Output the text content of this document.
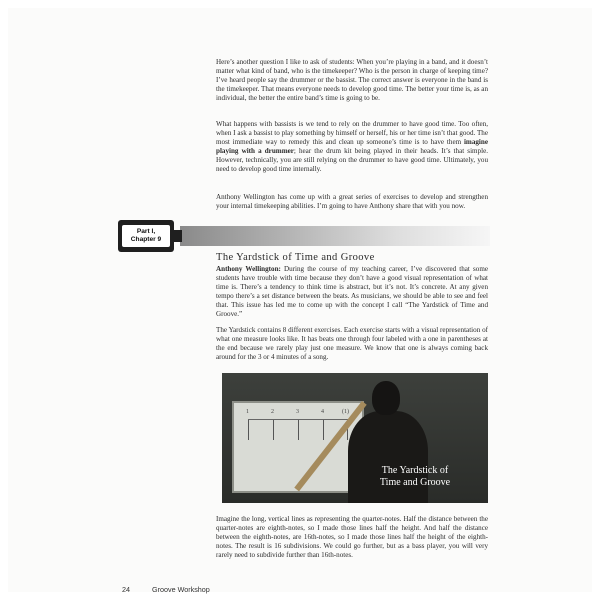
Here’s another question I like to ask of students: When you’re playing in a band, and it doesn’t matter what kind of band, who is the timekeeper? Who is the person in charge of keeping time? I’ve heard people say the drummer or the bassist. The correct answer is everyone in the band is the timekeeper. That means everyone needs to develop good time. The better your time is, as an individual, the better the entire band’s time is going to be.

What happens with bassists is we tend to rely on the drummer to have good time. Too often, when I ask a bassist to play something by himself or herself, his or her time isn’t that good. The most immediate way to remedy this and clean up someone’s time is to have them imagine playing with a drummer; hear the drum kit being played in their heads. It’s that simple. However, technically, you are still relying on the drummer to have good time. Ultimately, you need to develop good time internally.

Anthony Wellington has come up with a great series of exercises to develop and strengthen your internal timekeeping abilities. I’m going to have Anthony share that with you now.

Anthony Wellington: During the course of my teaching career, I’ve discovered that some students have trouble with time because they don’t have a good visual representation of what time is. There’s a tendency to think time is abstract, but it’s not. It’s concrete. At any given tempo there’s a set distance between the beats. As musicians, we should be able to see and feel that. This issue has led me to come up with the concept I call “The Yardstick of Time and Groove.”

The Yardstick contains 8 different exercises. Each exercise starts with a visual representation of what one measure looks like. It has beats one through four labeled with a one in parentheses at the end because we rarely play just one measure. We know that one is always coming back around for the 3 or 4 minutes of a song.

Imagine the long, vertical lines as representing the quarter-notes. Half the distance between the quarter-notes are eighth-notes, so I made those lines half the height. And half the distance between the eighth-notes, are 16th-notes, so I made those lines half the height of the eighth-notes. The result is 16 subdivisions. We could go further, but as a bass player, you will very rarely need to subdivide further than 16th-notes.

Part I,
Chapter 9
The Yardstick of Time and Groove
1	2	3	4	(1)
The Yardstick of
Time and Groove
24	Groove Workshop
